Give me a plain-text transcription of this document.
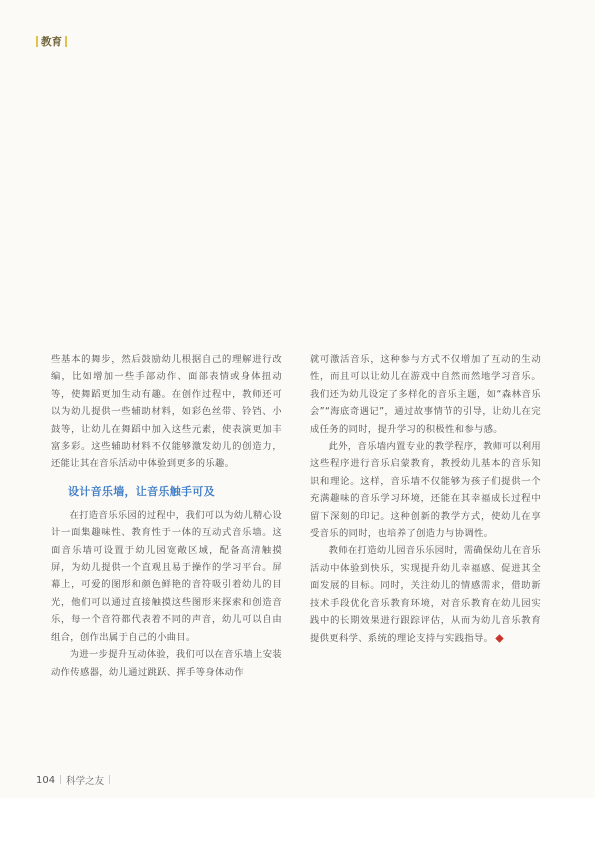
教育

些基本的舞步，然后鼓励幼儿根据自己的理解进行改编，比如增加一些手部动作、面部表情或身体扭动等，使舞蹈更加生动有趣。在创作过程中，教师还可以为幼儿提供一些辅助材料，如彩色丝带、铃铛、小鼓等，让幼儿在舞蹈中加入这些元素，使表演更加丰富多彩。这些辅助材料不仅能够激发幼儿的创造力，还能让其在音乐活动中体验到更多的乐趣。

设计音乐墙，让音乐触手可及

在打造音乐乐园的过程中，我们可以为幼儿精心设计一面集趣味性、教育性于一体的互动式音乐墙。这面音乐墙可设置于幼儿园宽敞区域，配备高清触摸屏，为幼儿提供一个直观且易于操作的学习平台。屏幕上，可爱的图形和颜色鲜艳的音符吸引着幼儿的目光，他们可以通过直接触摸这些图形来探索和创造音乐，每一个音符都代表着不同的声音，幼儿可以自由组合，创作出属于自己的小曲目。

为进一步提升互动体验，我们可以在音乐墙上安装动作传感器，幼儿通过跳跃、挥手等身体动作

就可激活音乐，这种参与方式不仅增加了互动的生动性，而且可以让幼儿在游戏中自然而然地学习音乐。我们还为幼儿设定了多样化的音乐主题，如“森林音乐会”“海底奇遇记”，通过故事情节的引导，让幼儿在完成任务的同时，提升学习的积极性和参与感。

此外，音乐墙内置专业的教学程序，教师可以利用这些程序进行音乐启蒙教育，教授幼儿基本的音乐知识和理论。这样，音乐墙不仅能够为孩子们提供一个充满趣味的音乐学习环境，还能在其幸福成长过程中留下深刻的印记。这种创新的教学方式，使幼儿在享受音乐的同时，也培养了创造力与协调性。

教师在打造幼儿园音乐乐园时，需确保幼儿在音乐活动中体验到快乐，实现提升幼儿幸福感、促进其全面发展的目标。同时，关注幼儿的情感需求，借助新技术手段优化音乐教育环境，对音乐教育在幼儿园实践中的长期效果进行跟踪评估，从而为幼儿音乐教育提供更科学、系统的理论支持与实践指导。

104 | 科学之友 |
